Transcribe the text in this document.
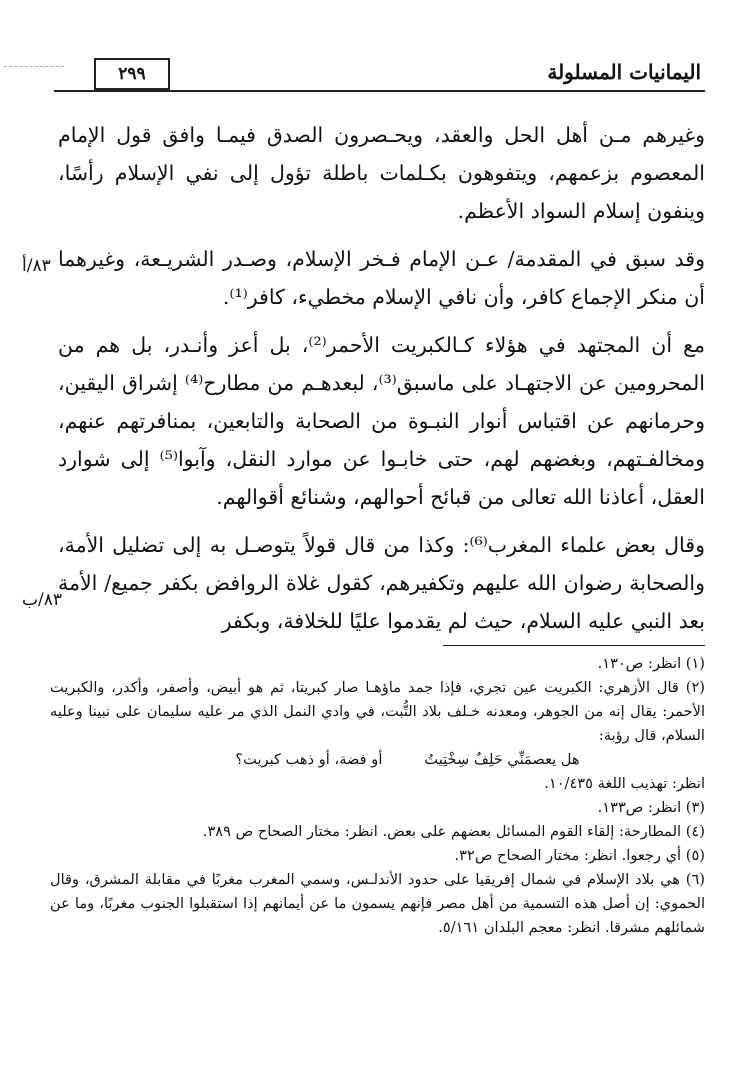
٢٩٩	اليمانيات المسلولة
٨٣/أ
٨٣/ب

وغيرهم مـن أهل الحل والعقد، ويحـصرون الصدق فيمـا وافق قول الإمام المعصوم بزعمهم، ويتفوهون بكـلمات باطلة تؤول إلى نفي الإسلام رأسًا، وينفون إسلام السواد الأعظم.

وقد سبق في المقدمة/ عـن الإمام فـخر الإسلام، وصـدر الشريـعة، وغيرهما أن منكر الإجماع كافر، وأن نافي الإسلام مخطيء، كافر⁽¹⁾.

مع أن المجتهد في هؤلاء كـالكبريت الأحمر⁽²⁾، بل أعز وأنـدر، بل هم من المحرومين عن الاجتهـاد على ماسبق⁽³⁾، لبعدهـم من مطارح⁽⁴⁾ إشراق اليقين، وحرمانهم عن اقتباس أنوار النبـوة من الصحابة والتابعين، بمنافرتهم عنهم، ومخالفـتهم، وبغضهم لهم، حتى خابـوا عن موارد النقل، وآبوا⁽⁵⁾ إلى شوارد العقل، أعاذنا الله تعالى من قبائح أحوالهم، وشنائع أقوالهم.

وقال بعض علماء المغرب⁽⁶⁾: وكذا من قال قولاً يتوصـل به إلى تضليل الأمة، والصحابة رضوان الله عليهم وتكفيرهم، كقول غلاة الروافض بكفر جميع/ الأمة بعد النبي عليه السلام، حيث لم يقدموا عليًا للخلافة، وبكفر

(١) انظر: ص١٣٠.

(٢) قال الأزهري: الكبريت عين تجري، فإذا جمد ماؤهـا صار كبريتا، ثم هو أبيض، وأصفر، وأكدر، والكبريت الأحمر: يقال إنه من الجوهر، ومعدنه خـلف بلاد التُّبت، في وادي النمل الذي مر عليه سليمان على نبينا وعليه السلام، قال رؤبة:

هل يعصمَنِّي حَلِفٌ سِخْتِيتُ
أو فضة، أو ذهب كبريت؟

انظر: تهذيب اللغة ١٠/٤٣٥.

(٣) انظر: ص١٣٣.

(٤) المطارحة: إلقاء القوم المسائل بعضهم على بعض. انظر: مختار الصحاح ص ٣٨٩.

(٥) أي رجعوا. انظر: مختار الصحاح ص٣٢.

(٦) هي بلاد الإسلام في شمال إفريقيا على حدود الأندلـس، وسمي المغرب مغربًا في مقابلة المشرق، وقال الحموي: إن أصل هذه التسمية من أهل مصر فإنهم يسمون ما عن أيمانهم إذا استقبلوا الجنوب مغربًا، وما عن شمائلهم مشرقا. انظر: معجم البلدان ٥/١٦١.
